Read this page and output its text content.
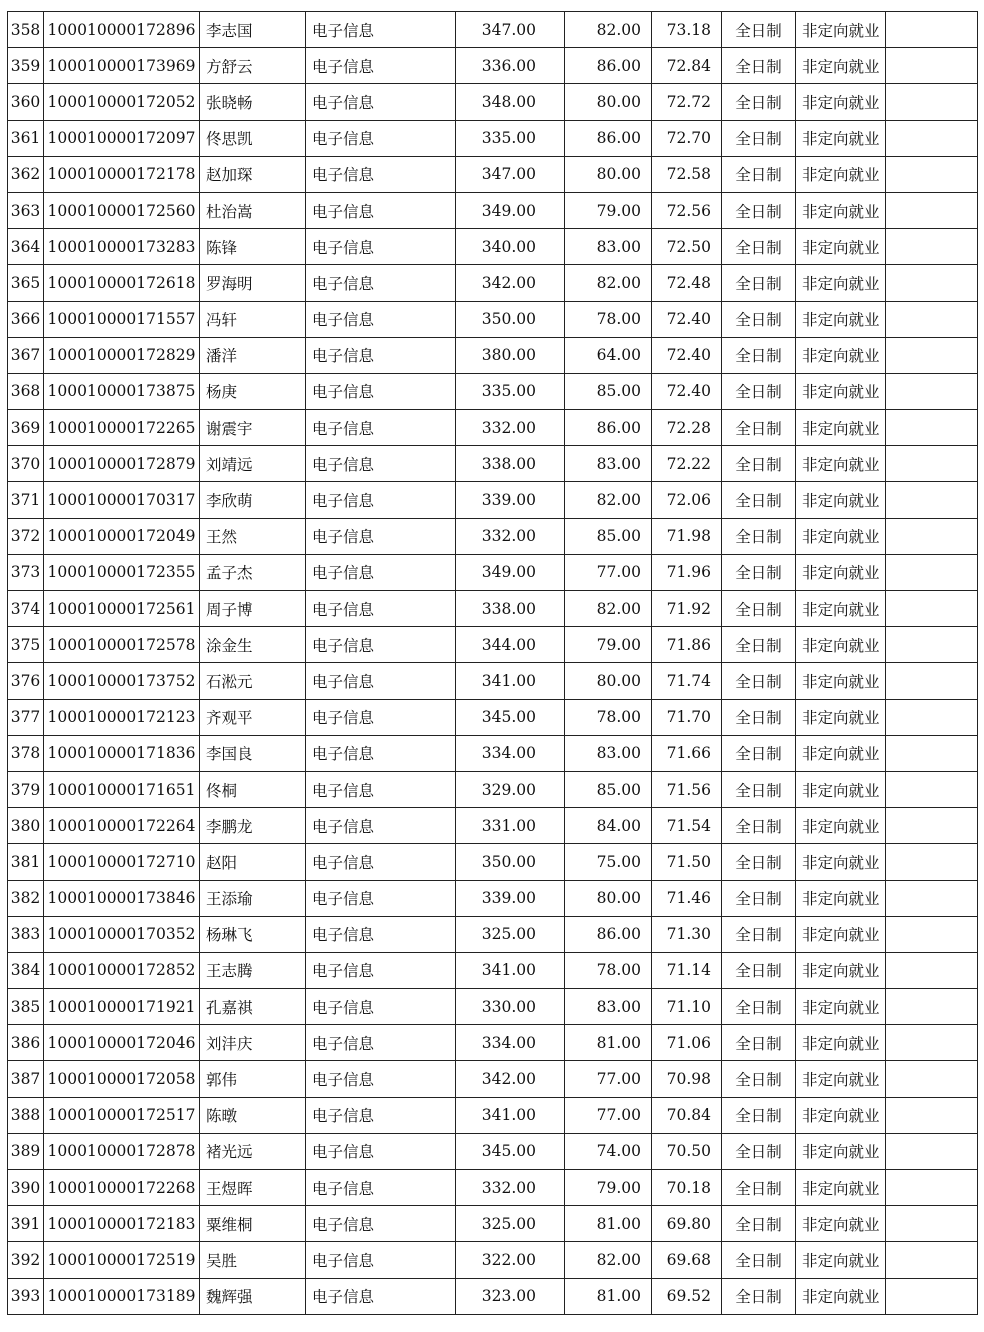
358	100010000172896	李志国	电子信息	347.00	82.00	73.18	全日制	非定向就业	
359	100010000173969	方舒云	电子信息	336.00	86.00	72.84	全日制	非定向就业	
360	100010000172052	张晓畅	电子信息	348.00	80.00	72.72	全日制	非定向就业	
361	100010000172097	佟思凯	电子信息	335.00	86.00	72.70	全日制	非定向就业	
362	100010000172178	赵加琛	电子信息	347.00	80.00	72.58	全日制	非定向就业	
363	100010000172560	杜治嵩	电子信息	349.00	79.00	72.56	全日制	非定向就业	
364	100010000173283	陈锋	电子信息	340.00	83.00	72.50	全日制	非定向就业	
365	100010000172618	罗海明	电子信息	342.00	82.00	72.48	全日制	非定向就业	
366	100010000171557	冯轩	电子信息	350.00	78.00	72.40	全日制	非定向就业	
367	100010000172829	潘洋	电子信息	380.00	64.00	72.40	全日制	非定向就业	
368	100010000173875	杨庚	电子信息	335.00	85.00	72.40	全日制	非定向就业	
369	100010000172265	谢震宇	电子信息	332.00	86.00	72.28	全日制	非定向就业	
370	100010000172879	刘靖远	电子信息	338.00	83.00	72.22	全日制	非定向就业	
371	100010000170317	李欣萌	电子信息	339.00	82.00	72.06	全日制	非定向就业	
372	100010000172049	王然	电子信息	332.00	85.00	71.98	全日制	非定向就业	
373	100010000172355	孟子杰	电子信息	349.00	77.00	71.96	全日制	非定向就业	
374	100010000172561	周子博	电子信息	338.00	82.00	71.92	全日制	非定向就业	
375	100010000172578	涂金生	电子信息	344.00	79.00	71.86	全日制	非定向就业	
376	100010000173752	石淞元	电子信息	341.00	80.00	71.74	全日制	非定向就业	
377	100010000172123	齐观平	电子信息	345.00	78.00	71.70	全日制	非定向就业	
378	100010000171836	李国良	电子信息	334.00	83.00	71.66	全日制	非定向就业	
379	100010000171651	佟桐	电子信息	329.00	85.00	71.56	全日制	非定向就业	
380	100010000172264	李鹏龙	电子信息	331.00	84.00	71.54	全日制	非定向就业	
381	100010000172710	赵阳	电子信息	350.00	75.00	71.50	全日制	非定向就业	
382	100010000173846	王添瑜	电子信息	339.00	80.00	71.46	全日制	非定向就业	
383	100010000170352	杨琳飞	电子信息	325.00	86.00	71.30	全日制	非定向就业	
384	100010000172852	王志腾	电子信息	341.00	78.00	71.14	全日制	非定向就业	
385	100010000171921	孔嘉祺	电子信息	330.00	83.00	71.10	全日制	非定向就业	
386	100010000172046	刘沣庆	电子信息	334.00	81.00	71.06	全日制	非定向就业	
387	100010000172058	郭伟	电子信息	342.00	77.00	70.98	全日制	非定向就业	
388	100010000172517	陈暾	电子信息	341.00	77.00	70.84	全日制	非定向就业	
389	100010000172878	褚光远	电子信息	345.00	74.00	70.50	全日制	非定向就业	
390	100010000172268	王煜晖	电子信息	332.00	79.00	70.18	全日制	非定向就业	
391	100010000172183	粟维桐	电子信息	325.00	81.00	69.80	全日制	非定向就业	
392	100010000172519	吴胜	电子信息	322.00	82.00	69.68	全日制	非定向就业	
393	100010000173189	魏辉强	电子信息	323.00	81.00	69.52	全日制	非定向就业	
